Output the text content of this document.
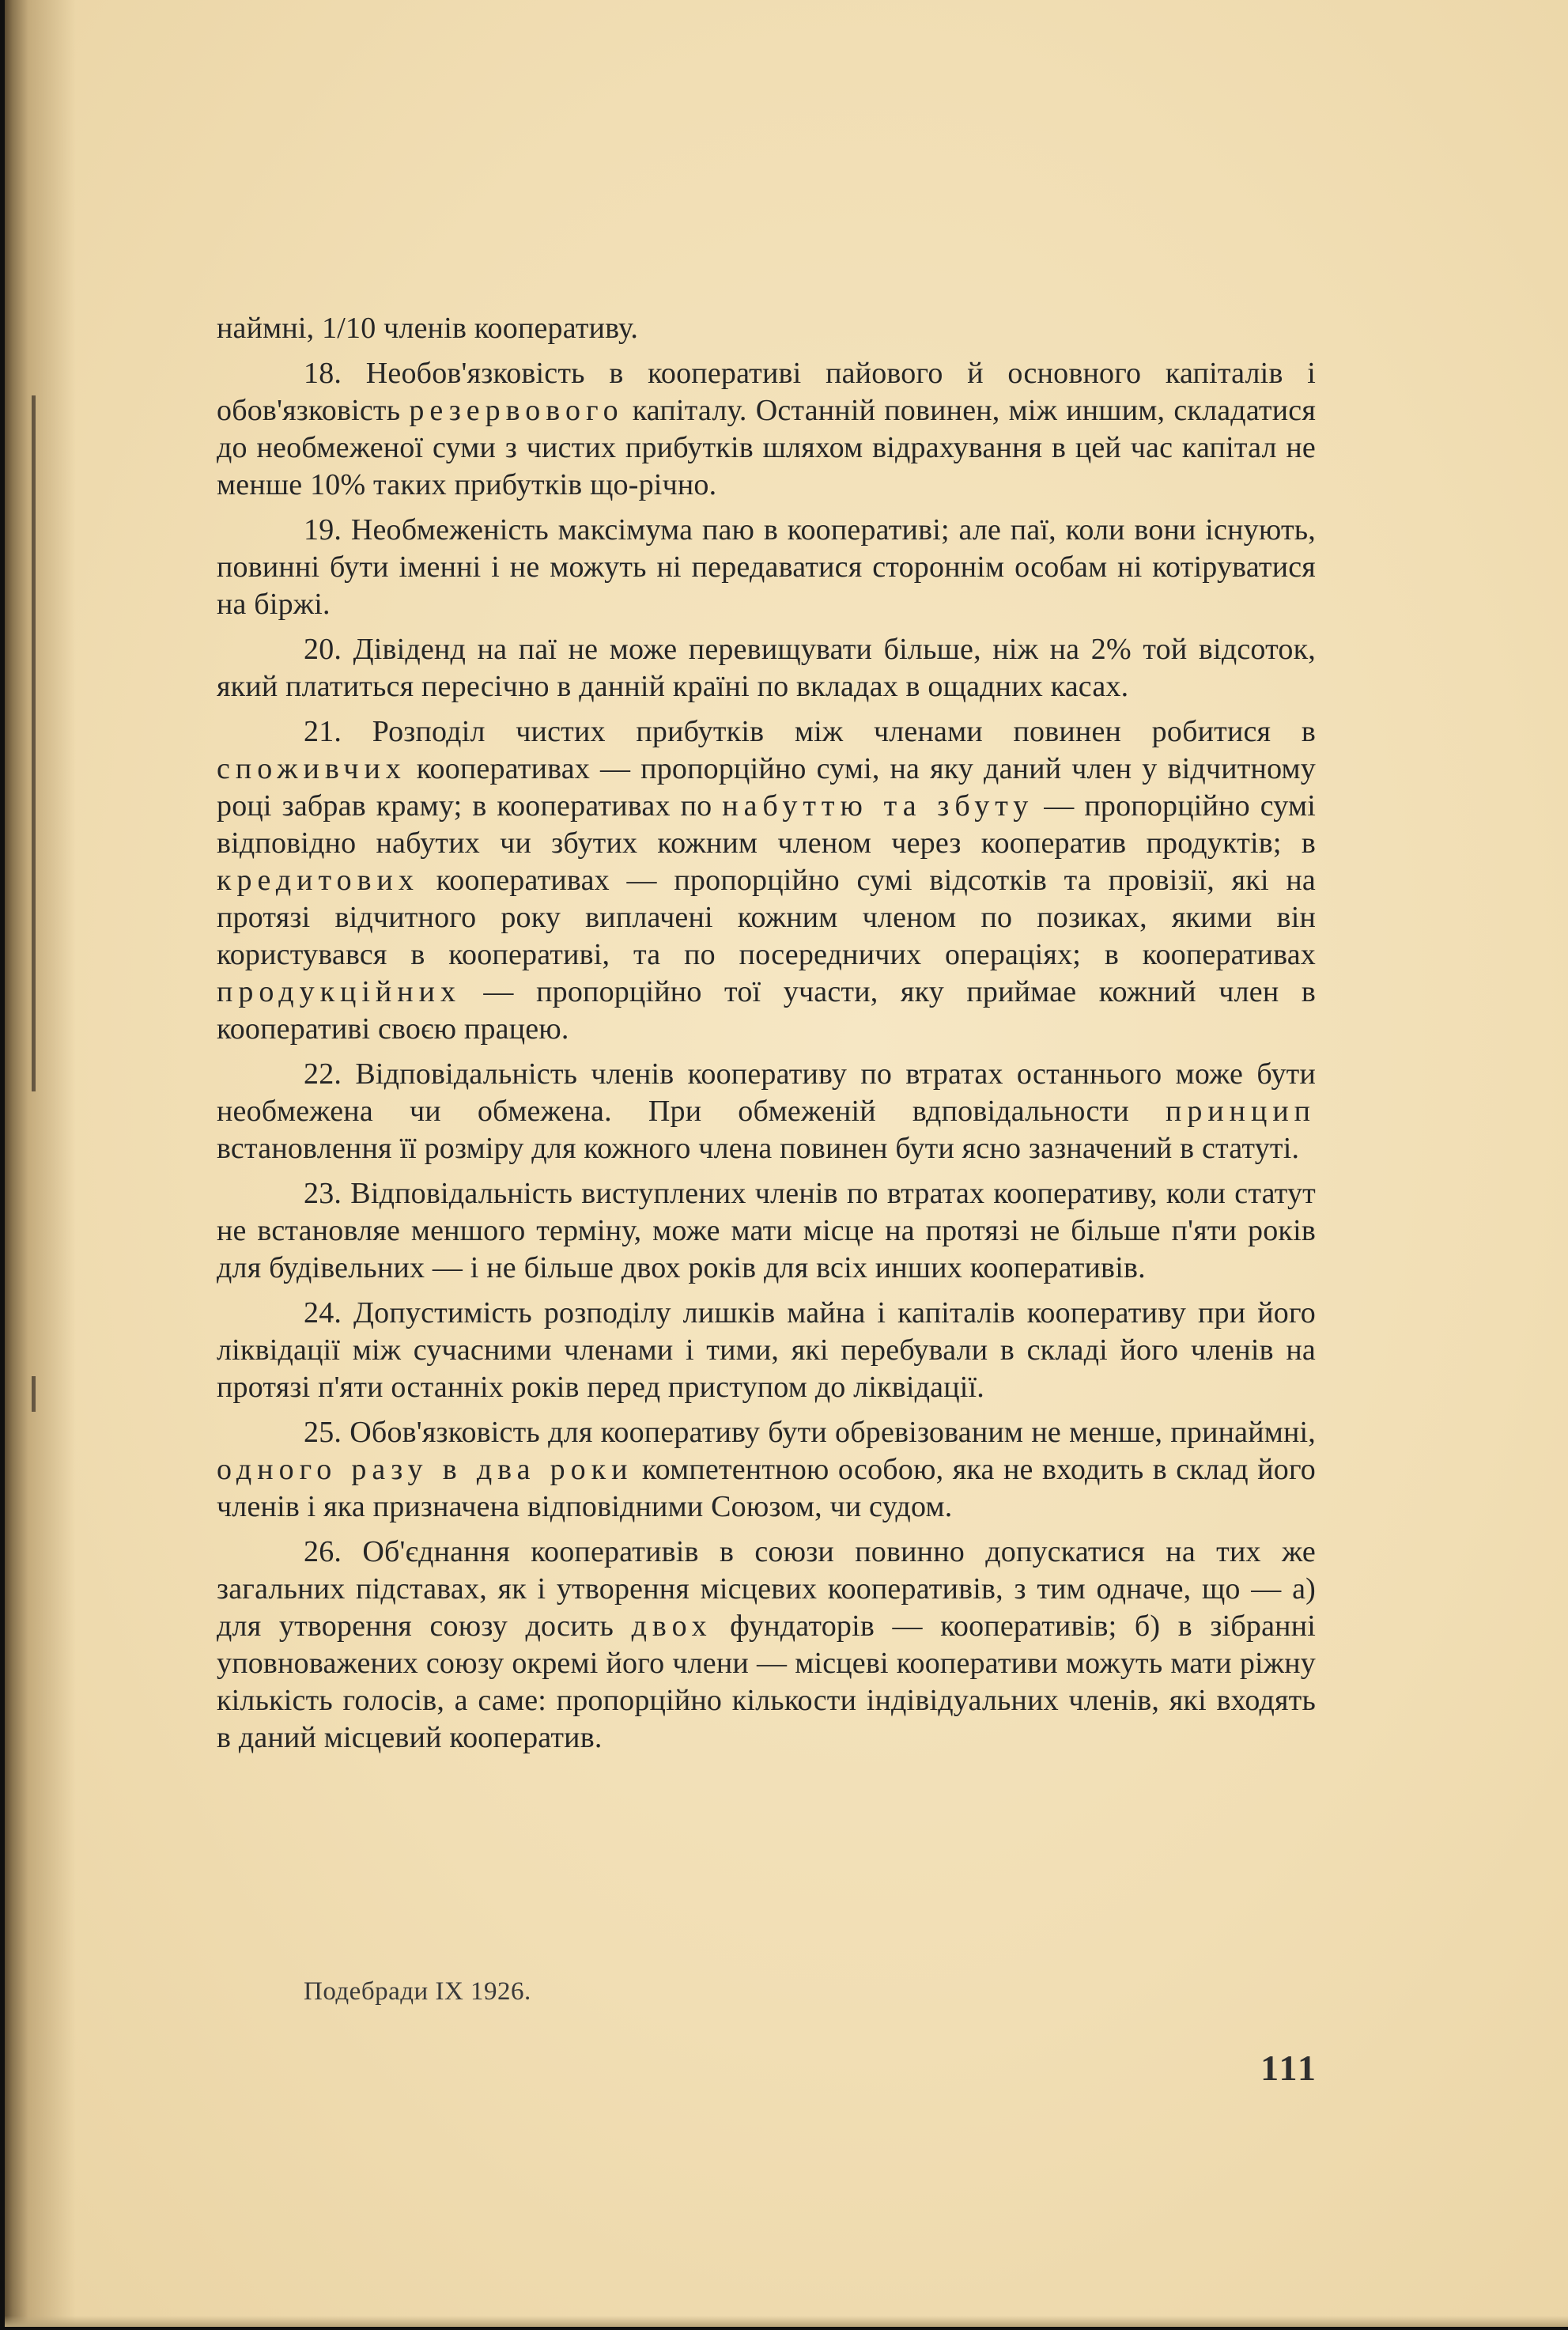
наймні, 1/10 членів кооперативу.

18. Необов'язковість в кооперативі пайового й основного капіталів і обов'язковість резервового капіталу. Останній повинен, між иншим, складатися до необмеженої суми з чистих прибутків шляхом відрахування в цей час капітал не менше 10% таких прибутків що-річно.

19. Необмеженість максімума паю в кооперативі; але паї, коли вони існують, повинні бути іменні і не можуть ні передаватися стороннім особам ні котіруватися на біржі.

20. Дівіденд на паї не може перевищувати більше, ніж на 2% той відсоток, який платиться пересічно в данній країні по вкладах в ощадних касах.

21. Розподіл чистих прибутків між членами повинен робитися в споживчих кооперативах — пропорційно сумі, на яку даний член у відчитному році забрав краму; в кооперативах по набуттю та збуту — пропорційно сумі відповідно набутих чи збутих кожним членом через кооператив продуктів; в кредитових кооперативах — пропорційно сумі відсотків та провізії, які на протязі відчитного року виплачені кожним членом по позиках, якими він користувався в кооперативі, та по посередничих операціях; в кооперативах продукційних — пропорційно тої участи, яку приймае кожний член в кооперативі своєю працею.

22. Відповідальність членів кооперативу по втратах останнього може бути необмежена чи обмежена. При обмеженій вдповідальности принцип встановлення її розміру для кожного члена повинен бути ясно зазначений в статуті.

23. Відповідальність виступлених членів по втратах кооперативу, коли статут не встановляе меншого терміну, може мати місце на протязі не більше п'яти років для будівельних — і не більше двох років для всіх инших кооперативів.

24. Допустимість розподілу лишків майна і капіталів кооперативу при його ліквідації між сучасними членами і тими, які перебували в складі його членів на протязі п'яти останніх років перед приступом до ліквідації.

25. Обов'язковість для кооперативу бути обревізованим не менше, принаймні, одного разу в два роки компетентною особою, яка не входить в склад його членів і яка призначена відповідними Союзом, чи судом.

26. Об'єднання кооперативів в союзи повинно допускатися на тих же загальних підставах, як і утворення місцевих кооперативів, з тим одначе, що — а) для утворення союзу досить двох фундаторів — кооперативів; б) в зібранні уповноважених союзу окремі його члени — місцеві кооперативи можуть мати ріжну кількість голосів, а саме: пропорційно кількости індівідуальних членів, які входять в даний місцевий кооператив.

Подебради IX 1926.
111
